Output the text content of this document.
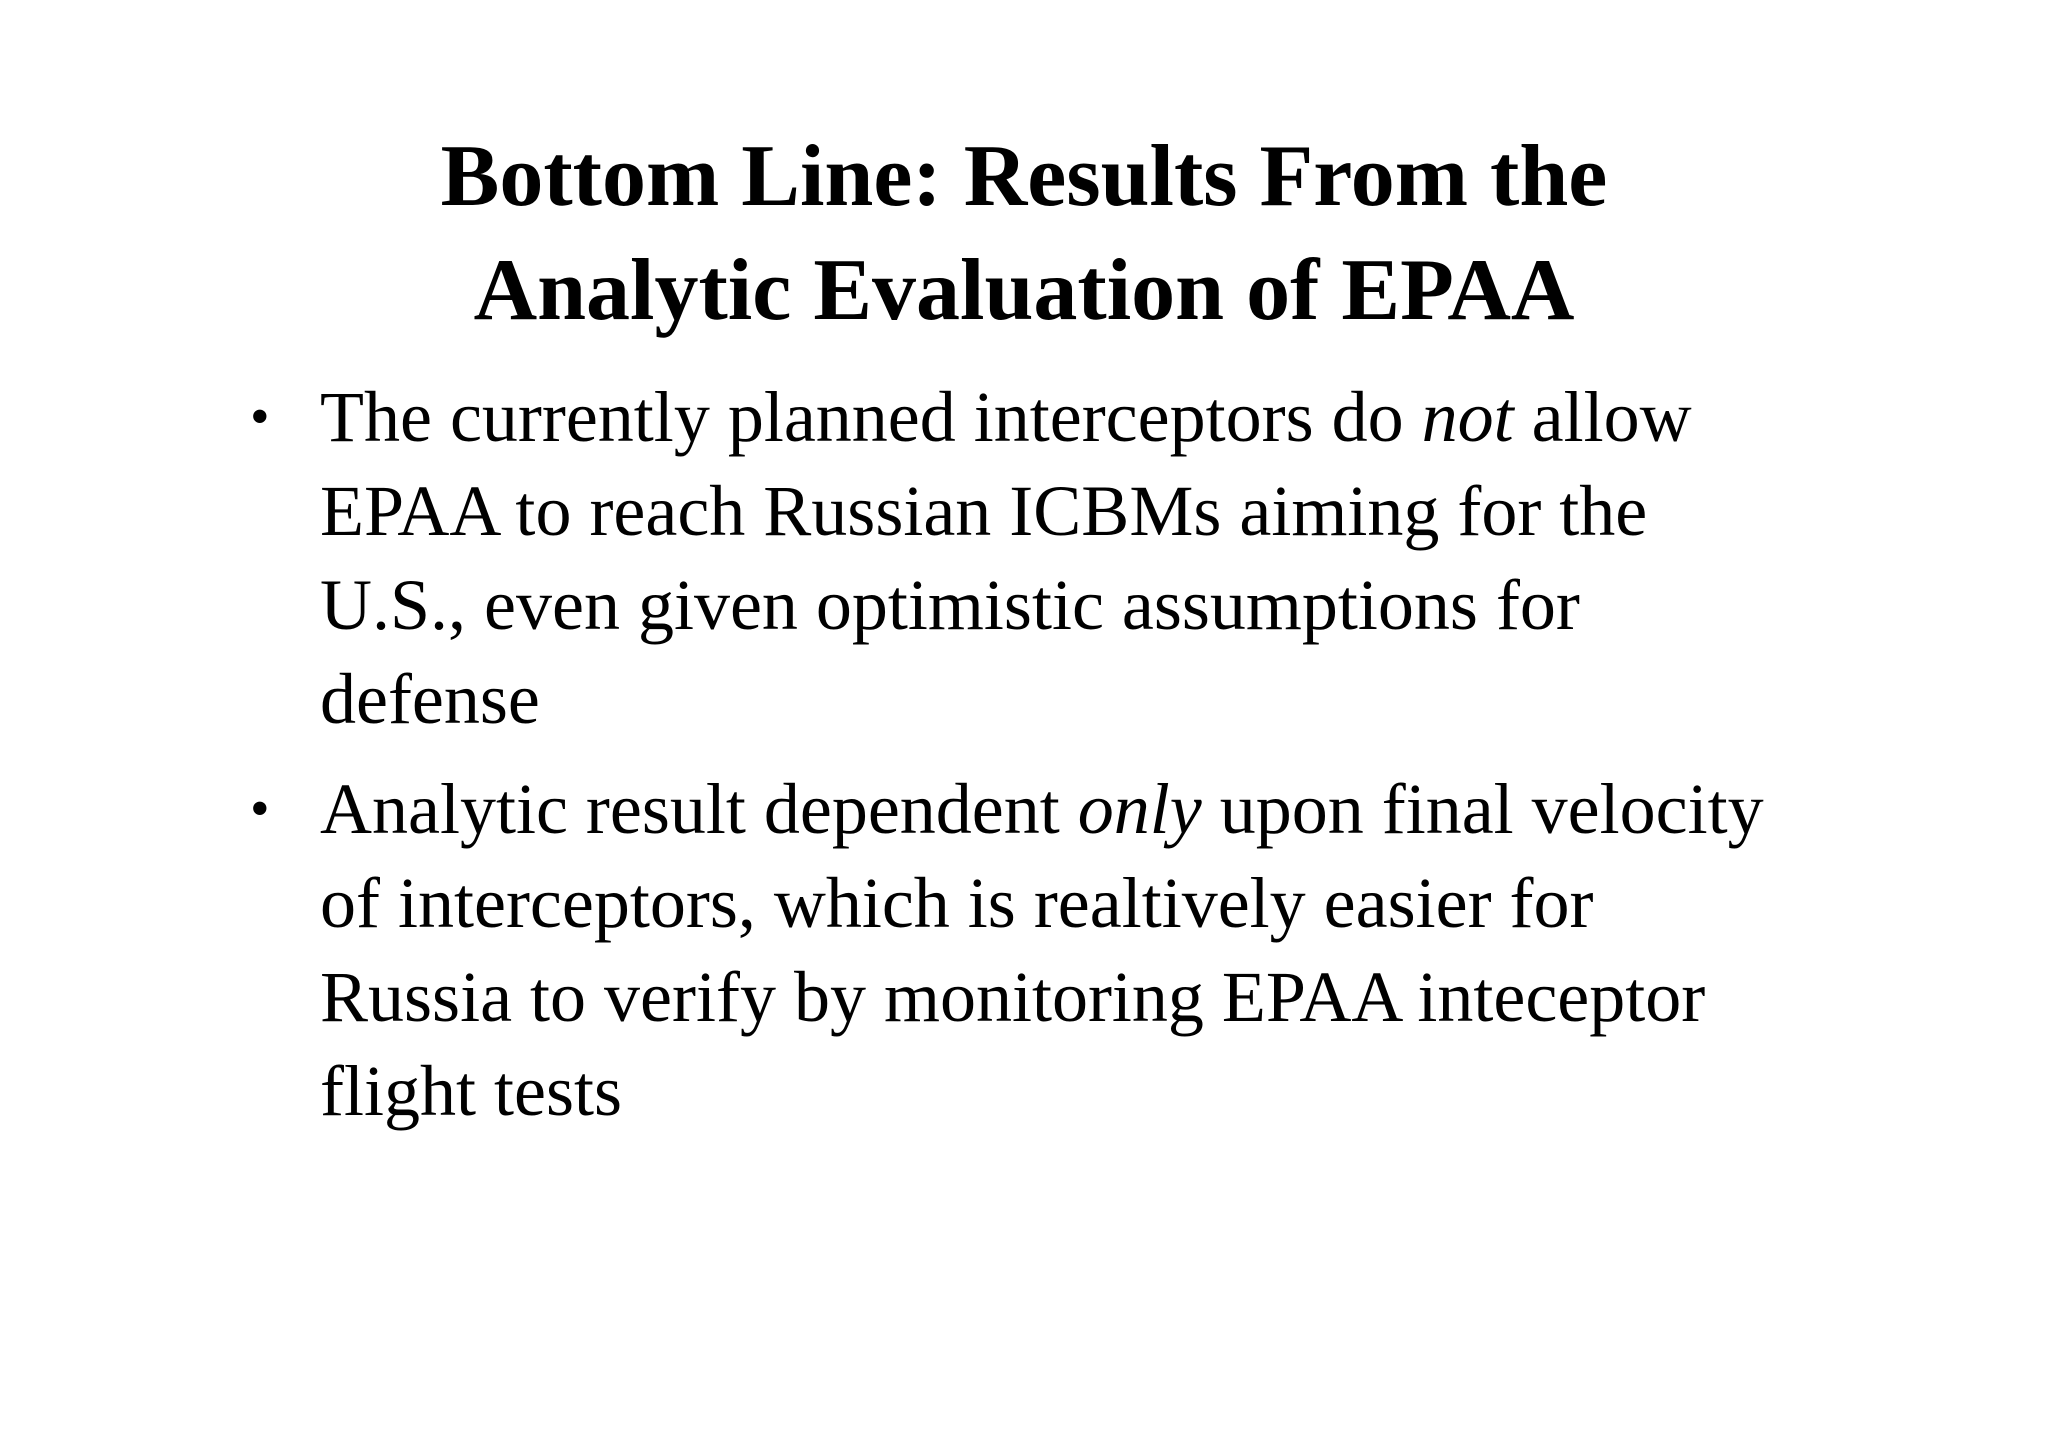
Bottom Line: Results From the
Analytic Evaluation of EPAA
• The currently planned interceptors do not allow
EPAA to reach Russian ICBMs aiming for the
U.S., even given optimistic assumptions for
defense
• Analytic result dependent only upon final velocity
of interceptors, which is realtively easier for
Russia to verify by monitoring EPAA inteceptor
flight tests
